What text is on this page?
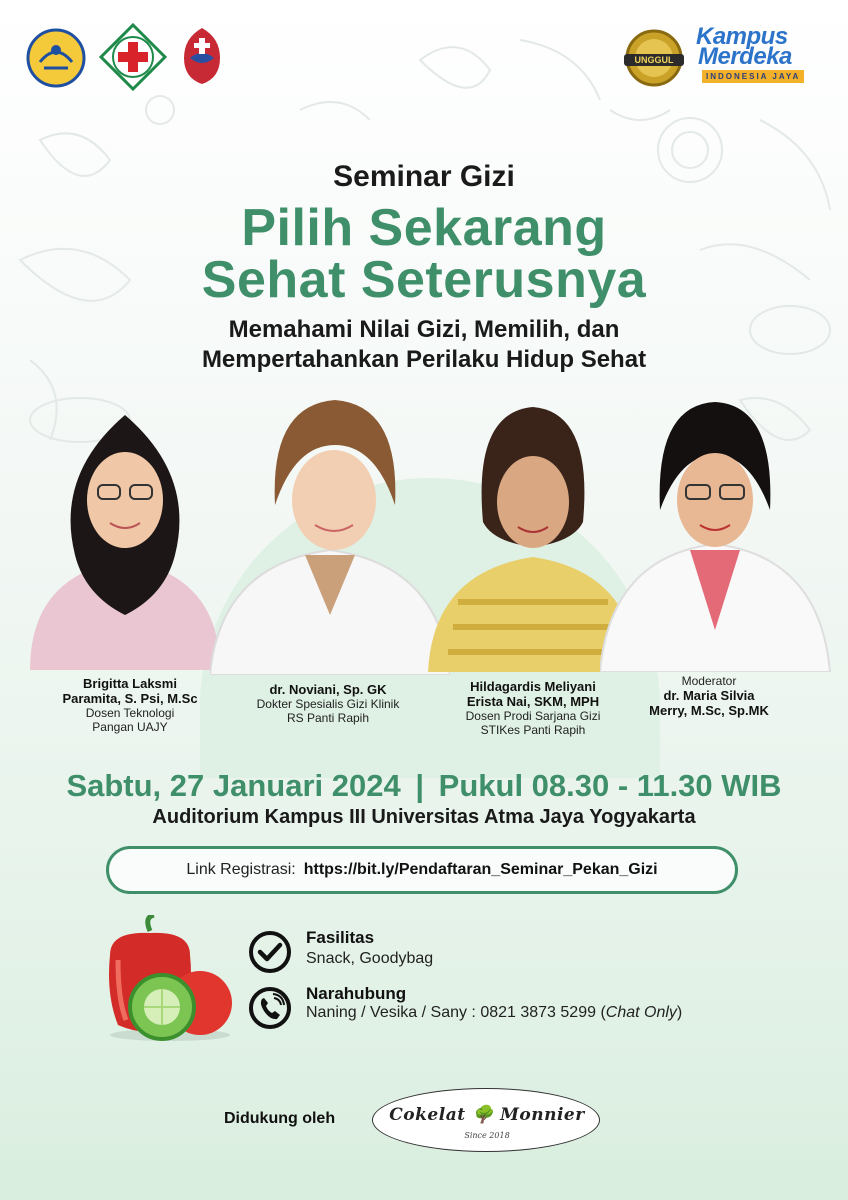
UNGGUL
Kampus
Merdeka
INDONESIA JAYA
Seminar Gizi
Pilih Sekarang
Sehat Seterusnya
Memahami Nilai Gizi, Memilih, dan
Mempertahankan Perilaku Hidup Sehat
Brigitta Laksmi
Paramita, S. Psi, M.Sc
Dosen Teknologi
Pangan UAJY
dr. Noviani, Sp. GK
Dokter Spesialis Gizi Klinik
RS Panti Rapih
Hildagardis Meliyani
Erista Nai, SKM, MPH
Dosen Prodi Sarjana Gizi
STIKes Panti Rapih
Moderator
dr. Maria Silvia
Merry, M.Sc, Sp.MK
Sabtu, 27 Januari 2024 | Pukul 08.30 - 11.30 WIB
Auditorium Kampus III Universitas Atma Jaya Yogyakarta
Link Registrasi: https://bit.ly/Pendaftaran_Seminar_Pekan_Gizi
Fasilitas
Snack, Goodybag
Narahubung
Naning / Vesika / Sany : 0821 3873 5299 (Chat Only)
Didukung oleh	Cokelat 🌳 Monnier
Since 2018
